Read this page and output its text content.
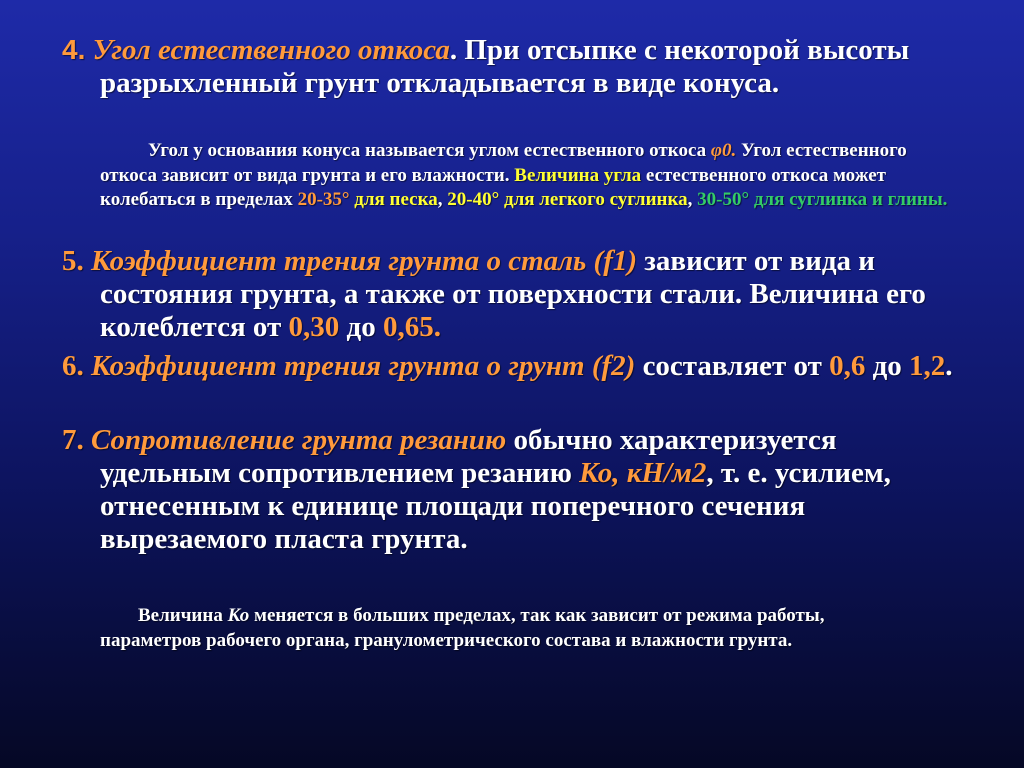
4. Угол естественного откоса. При отсыпке с некоторой высоты разрыхленный грунт откладывается в виде конуса.
Угол у основания конуса называется углом естественного откоса φ0. Угол естественного откоса зависит от вида грунта и его влажности. Величина угла естественного откоса может колебаться в пределах 20-35° для песка, 20-40° для легкого суглинка, 30-50° для суглинка и глины.
5. Коэффициент трения грунта о сталь (f1) зависит от вида и состояния грунта, а также от поверхности стали. Величина его колеблется от 0,30 до 0,65.
6. Коэффициент трения грунта о грунт (f2) составляет от 0,6 до 1,2.
7. Сопротивление грунта резанию обычно характеризуется удельным сопротивлением резанию Ко, кН/м2, т. е. усилием, отнесенным к единице площади поперечного сечения вырезаемого пласта грунта.
Величина Ко меняется в больших пределах, так как зависит от режима работы, параметров рабочего органа, гранулометрического состава и влажности грунта.
